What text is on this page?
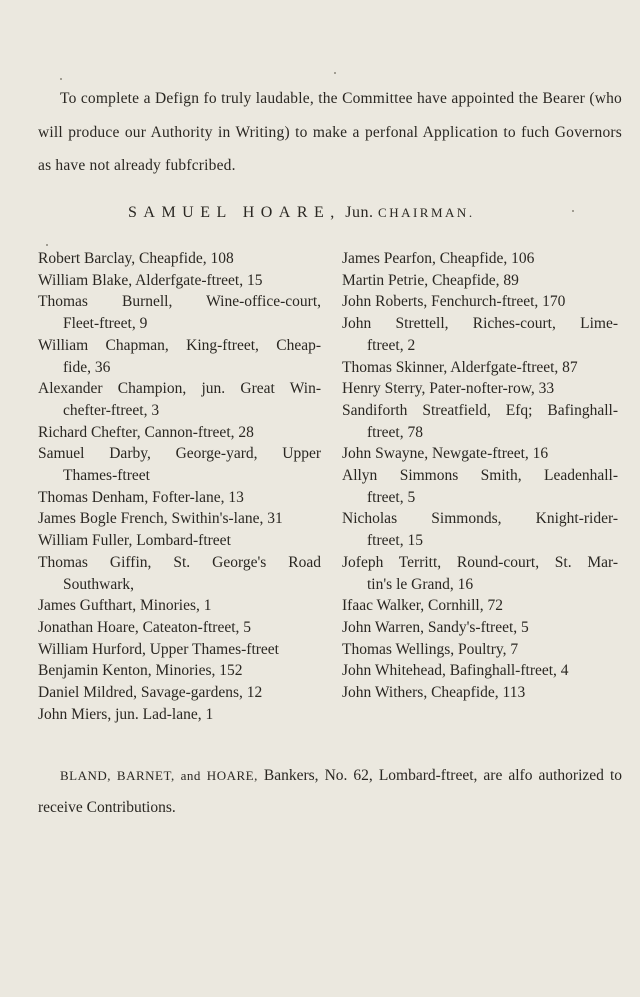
To complete a Defign fo truly laudable, the Committee have appointed the Bearer (who will produce our Authority in Writing) to make a perfonal Application to fuch Governors as have not already fubfcribed.

SAMUEL HOARE, Jun. CHAIRMAN.
Robert Barclay, Cheapfide, 108
William Blake, Alderfgate-ftreet, 15
Thomas Burnell, Wine-office-court,
Fleet-ftreet, 9
William Chapman, King-ftreet, Cheap-
fide, 36
Alexander Champion, jun. Great Win-
chefter-ftreet, 3
Richard Chefter, Cannon-ftreet, 28
Samuel Darby, George-yard, Upper
Thames-ftreet
Thomas Denham, Fofter-lane, 13
James Bogle French, Swithin's-lane, 31
William Fuller, Lombard-ftreet
Thomas Giffin, St. George's Road
Southwark,
James Gufthart, Minories, 1
Jonathan Hoare, Cateaton-ftreet, 5
William Hurford, Upper Thames-ftreet
Benjamin Kenton, Minories, 152
Daniel Mildred, Savage-gardens, 12
John Miers, jun. Lad-lane, 1
James Pearfon, Cheapfide, 106
Martin Petrie, Cheapfide, 89
John Roberts, Fenchurch-ftreet, 170
John Strettell, Riches-court, Lime-
ftreet, 2
Thomas Skinner, Alderfgate-ftreet, 87
Henry Sterry, Pater-nofter-row, 33
Sandiforth Streatfield, Efq; Bafinghall-
ftreet, 78
John Swayne, Newgate-ftreet, 16
Allyn Simmons Smith, Leadenhall-
ftreet, 5
Nicholas Simmonds, Knight-rider-
ftreet, 15
Jofeph Territt, Round-court, St. Mar-
tin's le Grand, 16
Ifaac Walker, Cornhill, 72
John Warren, Sandy's-ftreet, 5
Thomas Wellings, Poultry, 7
John Whitehead, Bafinghall-ftreet, 4
John Withers, Cheapfide, 113

BLAND, BARNET, and HOARE, Bankers, No. 62, Lombard-ftreet, are alfo authorized to receive Contributions.
